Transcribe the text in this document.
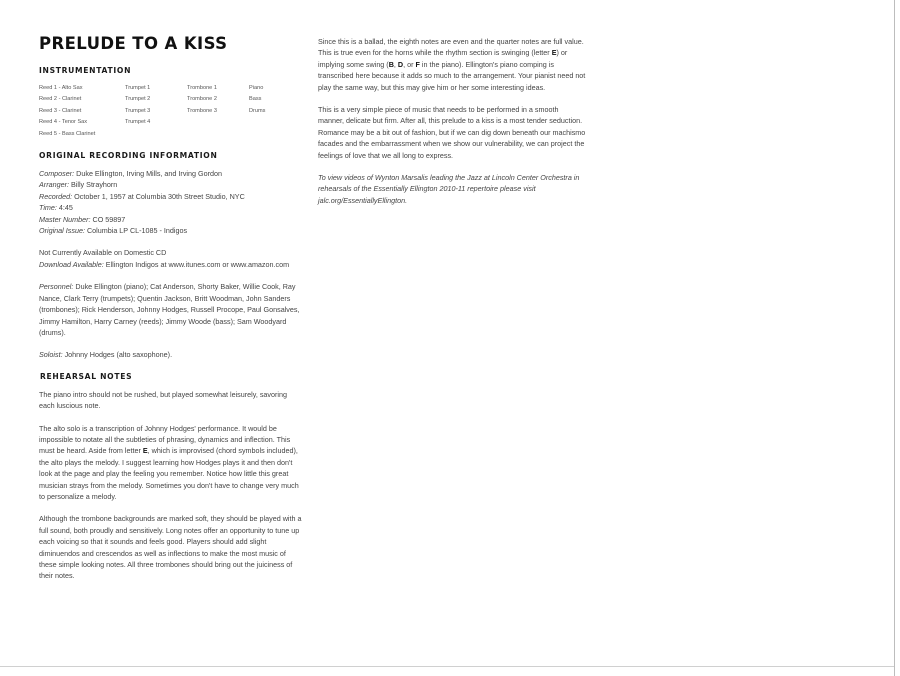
PRELUDE TO A KISS
INSTRUMENTATION
Reed 1 - Alto Sax
Reed 2 - Clarinet
Reed 3 - Clarinet
Reed 4 - Tenor Sax
Reed 5 - Bass Clarinet
Trumpet 1
Trumpet 2
Trumpet 3
Trumpet 4
Trombone 1
Trombone 2
Trombone 3
Piano
Bass
Drums
ORIGINAL RECORDING INFORMATION

Composer: Duke Ellington, Irving Mills, and Irving Gordon

Arranger: Billy Strayhorn

Recorded: October 1, 1957 at Columbia 30th Street Studio, NYC

Time: 4:45

Master Number: CO 59897

Original Issue: Columbia LP CL-1085 - Indigos

Not Currently Available on Domestic CD

Download Available: Ellington Indigos at www.itunes.com or www.amazon.com

Personnel: Duke Ellington (piano); Cat Anderson, Shorty Baker, Willie Cook, Ray Nance, Clark Terry (trumpets); Quentin Jackson, Britt Woodman, John Sanders (trombones); Rick Henderson, Johnny Hodges, Russell Procope, Paul Gonsalves, Jimmy Hamilton, Harry Carney (reeds); Jimmy Woode (bass); Sam Woodyard (drums).

Soloist: Johnny Hodges (alto saxophone).

REHEARSAL NOTES

The piano intro should not be rushed, but played somewhat leisurely, savoring each luscious note.

The alto solo is a transcription of Johnny Hodges' performance. It would be impossible to notate all the subtleties of phrasing, dynamics and inflection. This must be heard. Aside from letter E, which is improvised (chord symbols included), the alto plays the melody. I suggest learning how Hodges plays it and then don't look at the page and play the feeling you remember. Notice how little this great musician strays from the melody. Sometimes you don't have to change very much to personalize a melody.

Although the trombone backgrounds are marked soft, they should be played with a full sound, both proudly and sensitively. Long notes offer an opportunity to tune up each voicing so that it sounds and feels good. Players should add slight diminuendos and crescendos as well as inflections to make the most music of these simple looking notes. All three trombones should bring out the juiciness of their notes.

Since this is a ballad, the eighth notes are even and the quarter notes are full value. This is true even for the horns while the rhythm section is swinging (letter E) or implying some swing (B, D, or F in the piano). Ellington's piano comping is transcribed here because it adds so much to the arrangement. Your pianist need not play the same way, but this may give him or her some interesting ideas.

This is a very simple piece of music that needs to be performed in a smooth manner, delicate but firm. After all, this prelude to a kiss is a most tender seduction. Romance may be a bit out of fashion, but if we can dig down beneath our machismo facades and the embarrassment when we show our vulnerability, we can project the feelings of love that we all long to express.

To view videos of Wynton Marsalis leading the Jazz at Lincoln Center Orchestra in rehearsals of the Essentially Ellington 2010-11 repertoire please visit jalc.org/EssentiallyEllington.
